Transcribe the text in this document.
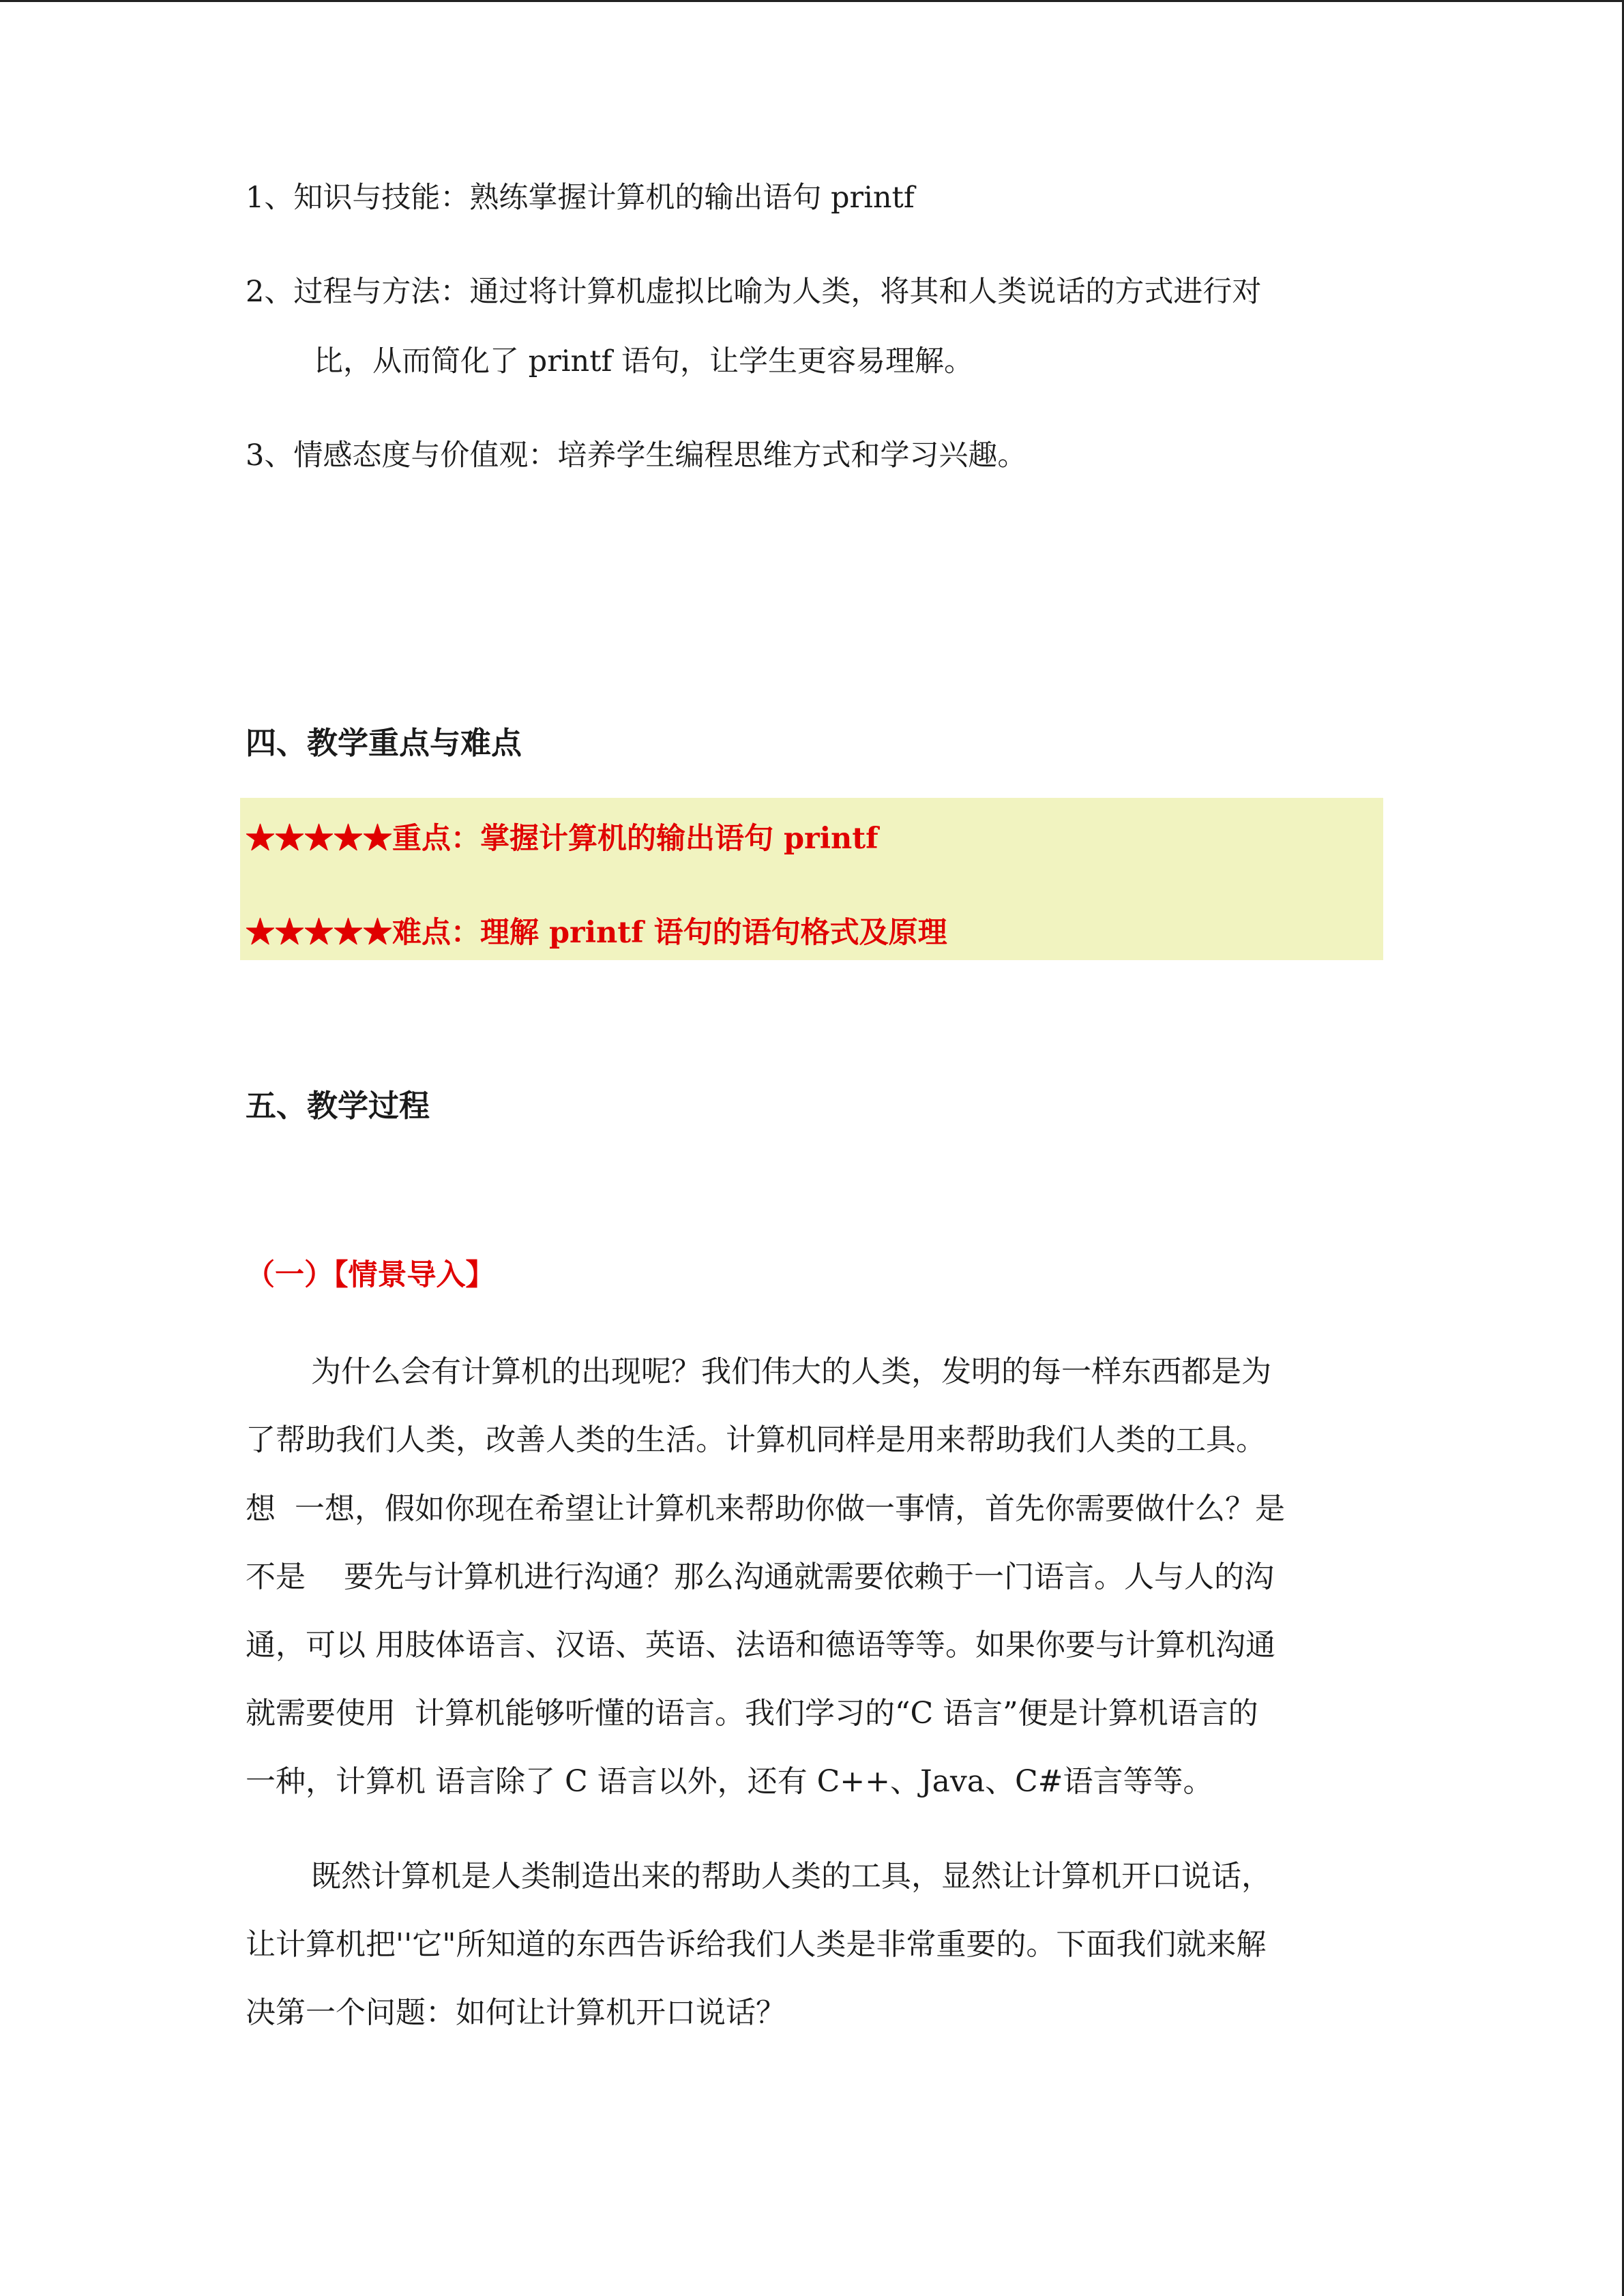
1、知识与技能：熟练掌握计算机的输出语句 printf

2、过程与方法：通过将计算机虚拟比喻为人类，将其和人类说话的方式进行对

比，从而简化了 printf 语句，让学生更容易理解。

3、情感态度与价值观：培养学生编程思维方式和学习兴趣。

四、教学重点与难点

★★★★★重点：掌握计算机的输出语句 printf

★★★★★难点：理解 printf 语句的语句格式及原理

五、教学过程

（一）【情景导入】

为什么会有计算机的出现呢？我们伟大的人类，发明的每一样东西都是为

了帮助我们人类，改善人类的生活。计算机同样是用来帮助我们人类的工具。

想  一想，假如你现在希望让计算机来帮助你做一事情，首先你需要做什么？是

不是    要先与计算机进行沟通？那么沟通就需要依赖于一门语言。人与人的沟

通，可以 用肢体语言、汉语、英语、法语和德语等等。如果你要与计算机沟通

就需要使用  计算机能够听懂的语言。我们学习的“C 语言”便是计算机语言的

一种，计算机 语言除了 C 语言以外，还有 C++、Java、C#语言等等。

既然计算机是人类制造出来的帮助人类的工具，显然让计算机开口说话，

让计算机把''它"所知道的东西告诉给我们人类是非常重要的。下面我们就来解

决第一个问题：如何让计算机开口说话？
